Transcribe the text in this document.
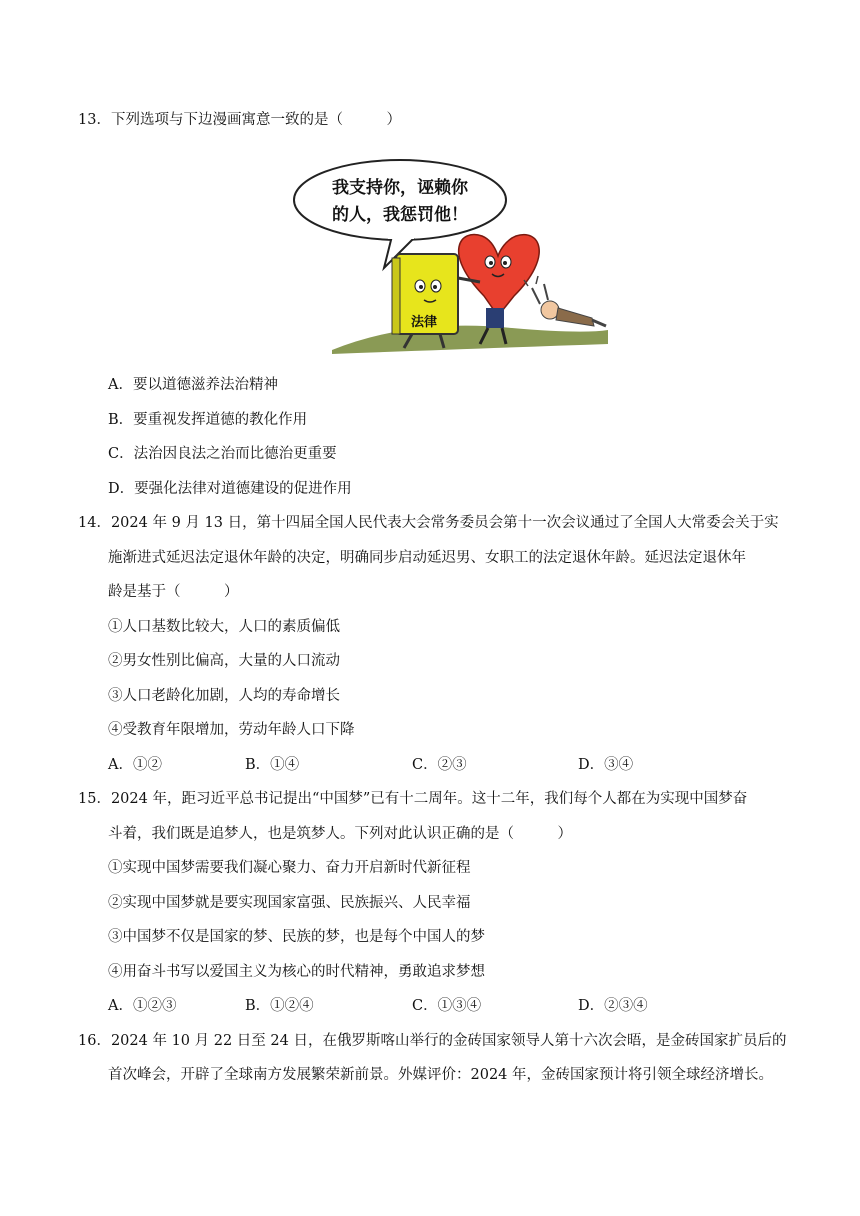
13．下列选项与下边漫画寓意一致的是（　　　）
我支持你，诬赖你
的人，我惩罚他！
法律
A．要以道德滋养法治精神
B．要重视发挥道德的教化作用
C．法治因良法之治而比德治更重要
D．要强化法律对道德建设的促进作用
14．2024 年 9 月 13 日，第十四届全国人民代表大会常务委员会第十一次会议通过了全国人大常委会关于实
施渐进式延迟法定退休年龄的决定，明确同步启动延迟男、女职工的法定退休年龄。延迟法定退休年
龄是基于（　　　）
①人口基数比较大，人口的素质偏低
②男女性别比偏高，大量的人口流动
③人口老龄化加剧，人均的寿命增长
④受教育年限增加，劳动年龄人口下降
A．①②	B．①④	C．②③	D．③④
15．2024 年，距习近平总书记提出“中国梦”已有十二周年。这十二年，我们每个人都在为实现中国梦奋
斗着，我们既是追梦人，也是筑梦人。下列对此认识正确的是（　　　）
①实现中国梦需要我们凝心聚力、奋力开启新时代新征程
②实现中国梦就是要实现国家富强、民族振兴、人民幸福
③中国梦不仅是国家的梦、民族的梦，也是每个中国人的梦
④用奋斗书写以爱国主义为核心的时代精神，勇敢追求梦想
A．①②③	B．①②④	C．①③④	D．②③④
16．2024 年 10 月 22 日至 24 日，在俄罗斯喀山举行的金砖国家领导人第十六次会晤，是金砖国家扩员后的
首次峰会，开辟了全球南方发展繁荣新前景。外媒评价：2024 年，金砖国家预计将引领全球经济增长。
